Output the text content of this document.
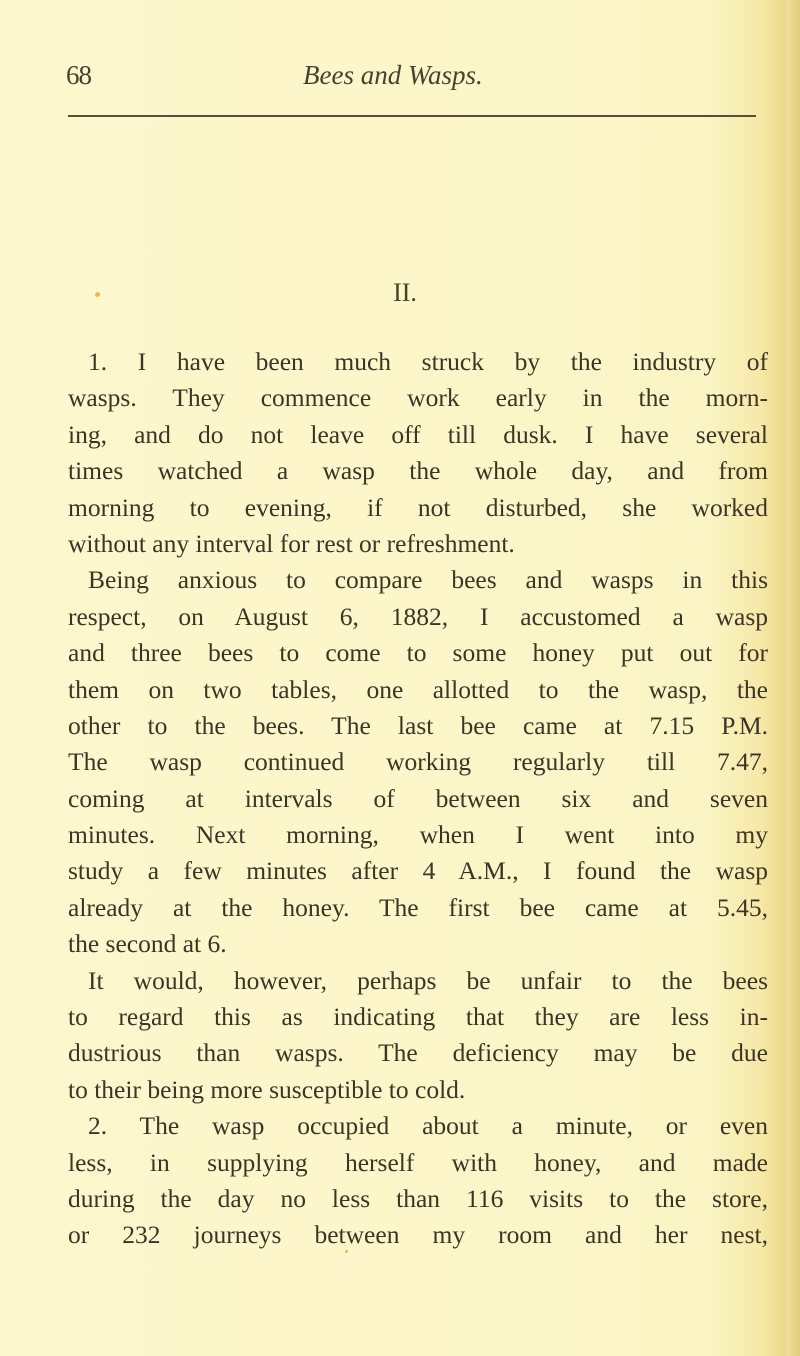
68	Bees and Wasps.
II.
1. I have been much struck by the industry of
wasps. They commence work early in the morn-
ing, and do not leave off till dusk. I have several
times watched a wasp the whole day, and from
morning to evening, if not disturbed, she worked
without any interval for rest or refreshment.
Being anxious to compare bees and wasps in this
respect, on August 6, 1882, I accustomed a wasp
and three bees to come to some honey put out for
them on two tables, one allotted to the wasp, the
other to the bees. The last bee came at 7.15 P.M.
The wasp continued working regularly till 7.47,
coming at intervals of between six and seven
minutes. Next morning, when I went into my
study a few minutes after 4 A.M., I found the wasp
already at the honey. The first bee came at 5.45,
the second at 6.
It would, however, perhaps be unfair to the bees
to regard this as indicating that they are less in-
dustrious than wasps. The deficiency may be due
to their being more susceptible to cold.
2. The wasp occupied about a minute, or even
less, in supplying herself with honey, and made
during the day no less than 116 visits to the store,
or 232 journeys between my room and her nest,
